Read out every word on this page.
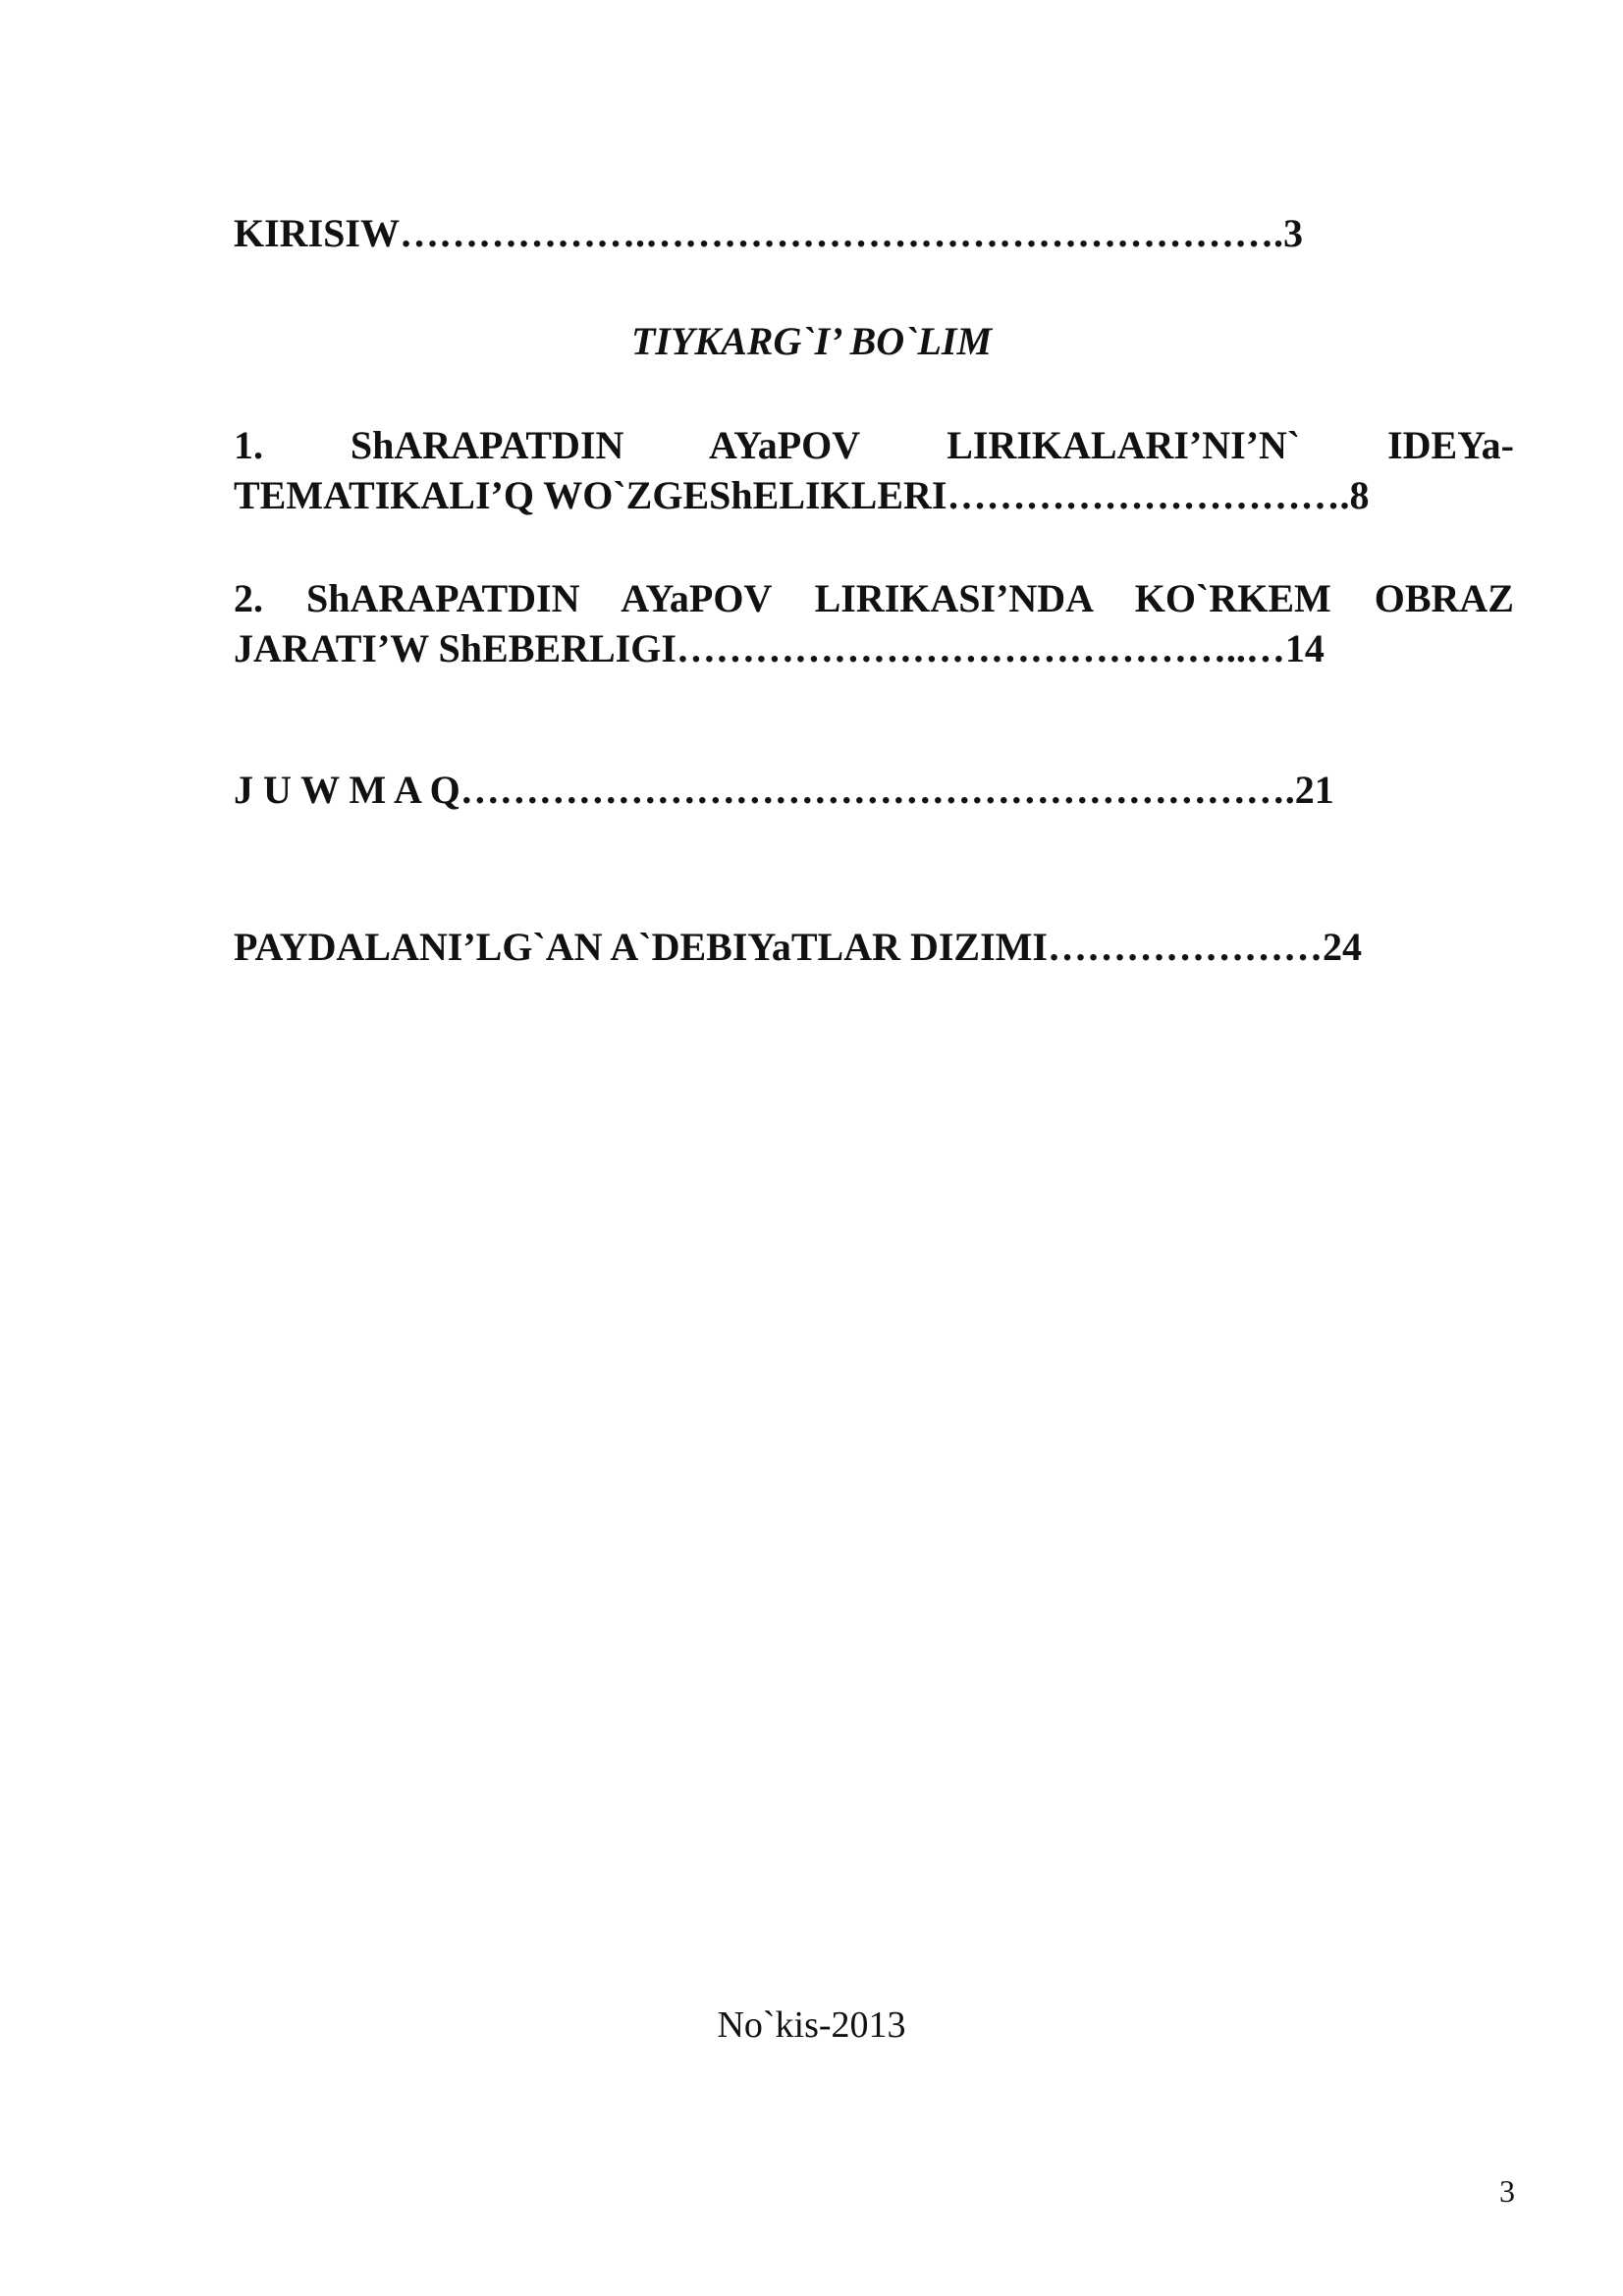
KIRISIW……………….………………………………………….3

TIYKARG`I’ BO`LIM

1. ShARAPATDIN AYaPOV LIRIKALARI’NI’N` IDEYa-

TEMATIKALI’Q WO`ZGEShELIKLERI………………………….8

2. ShARAPATDIN AYaPOV LIRIKASI’NDA KO`RKEM OBRAZ

JARATI’W ShEBERLIGI……………………………………..…14

J U W M A Q……………………………………………………….21

PAYDALANI’LG`AN A`DEBIYaTLAR DIZIMI…………………24

No`kis-2013
3
